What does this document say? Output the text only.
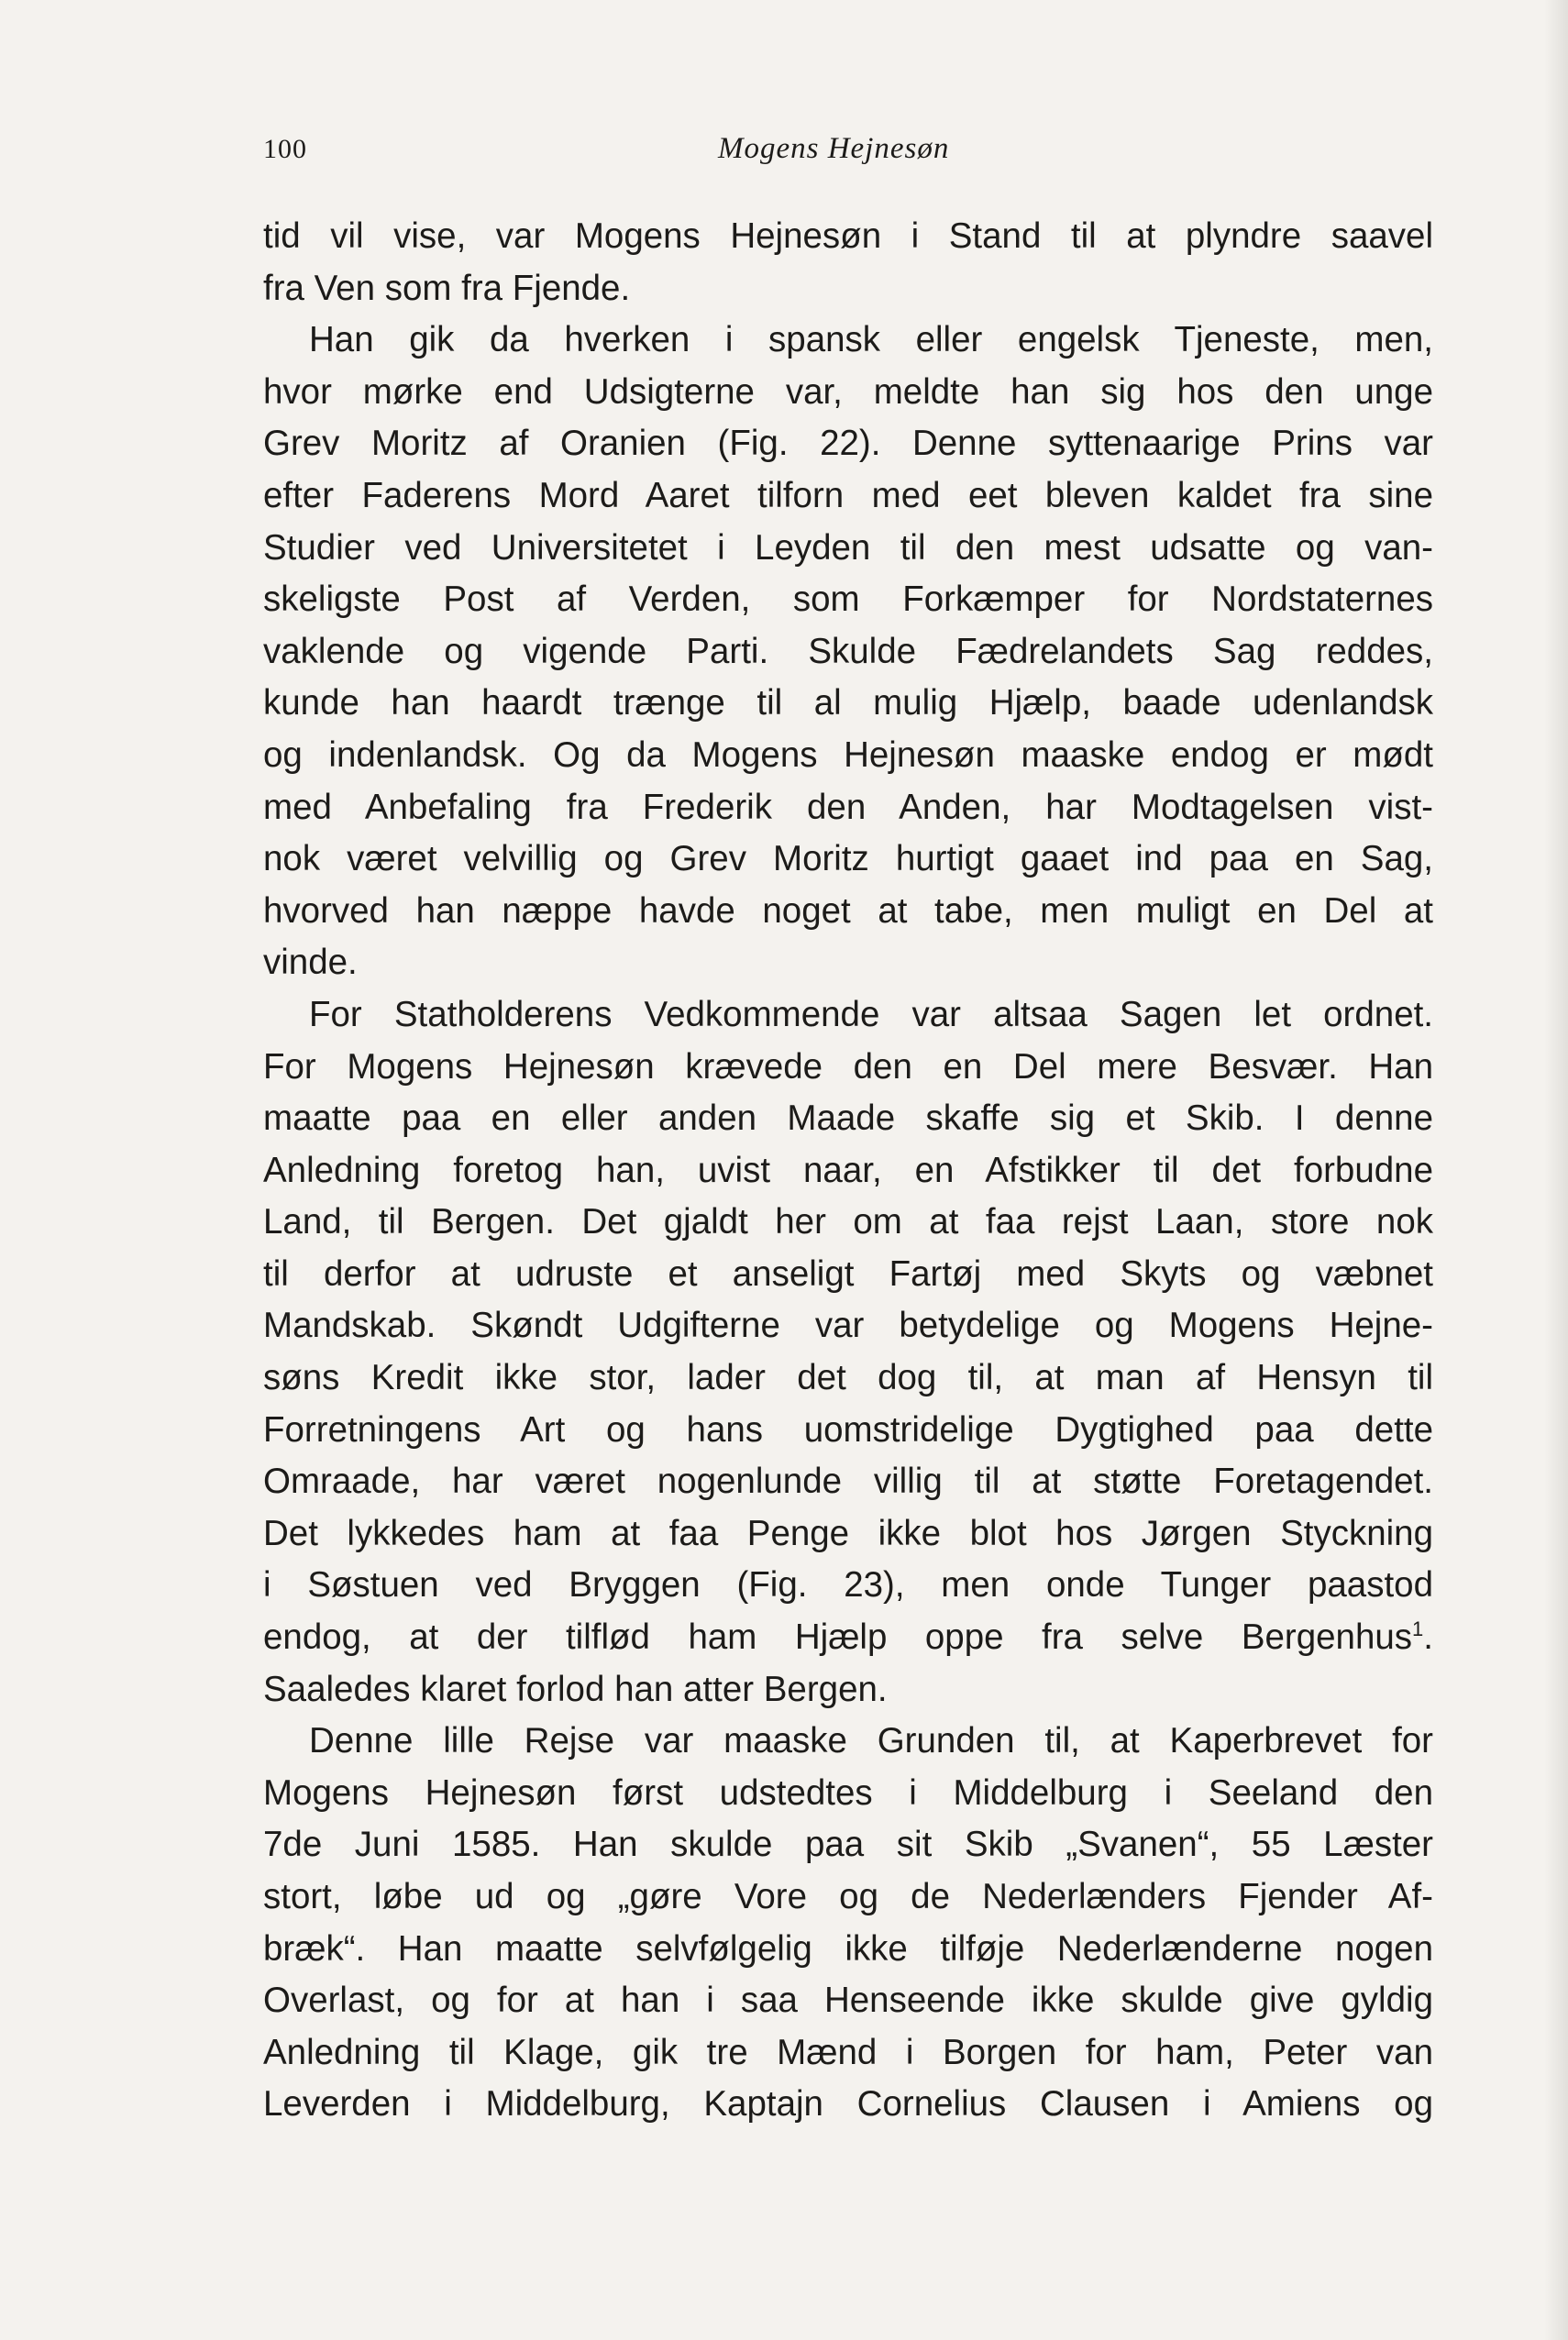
100	Mogens Hejnesøn
tid vil vise, var Mogens Hejnesøn i Stand til at plyndre saavel
fra Ven som fra Fjende.
Han gik da hverken i spansk eller engelsk Tjeneste, men,
hvor mørke end Udsigterne var, meldte han sig hos den unge
Grev Moritz af Oranien (Fig. 22). Denne syttenaarige Prins var
efter Faderens Mord Aaret tilforn med eet bleven kaldet fra sine
Studier ved Universitetet i Leyden til den mest udsatte og van-
skeligste Post af Verden, som Forkæmper for Nordstaternes
vaklende og vigende Parti. Skulde Fædrelandets Sag reddes,
kunde han haardt trænge til al mulig Hjælp, baade udenlandsk
og indenlandsk. Og da Mogens Hejnesøn maaske endog er mødt
med Anbefaling fra Frederik den Anden, har Modtagelsen vist-
nok været velvillig og Grev Moritz hurtigt gaaet ind paa en Sag,
hvorved han næppe havde noget at tabe, men muligt en Del at
vinde.
For Statholderens Vedkommende var altsaa Sagen let ordnet.
For Mogens Hejnesøn krævede den en Del mere Besvær. Han
maatte paa en eller anden Maade skaffe sig et Skib. I denne
Anledning foretog han, uvist naar, en Afstikker til det forbudne
Land, til Bergen. Det gjaldt her om at faa rejst Laan, store nok
til derfor at udruste et anseligt Fartøj med Skyts og væbnet
Mandskab. Skøndt Udgifterne var betydelige og Mogens Hejne-
søns Kredit ikke stor, lader det dog til, at man af Hensyn til
Forretningens Art og hans uomstridelige Dygtighed paa dette
Omraade, har været nogenlunde villig til at støtte Foretagendet.
Det lykkedes ham at faa Penge ikke blot hos Jørgen Styckning
i Søstuen ved Bryggen (Fig. 23), men onde Tunger paastod
endog, at der tilflød ham Hjælp oppe fra selve Bergenhus$^1$.
Saaledes klaret forlod han atter Bergen.
Denne lille Rejse var maaske Grunden til, at Kaperbrevet for
Mogens Hejnesøn først udstedtes i Middelburg i Seeland den
7de Juni 1585. Han skulde paa sit Skib „Svanen“, 55 Læster
stort, løbe ud og „gøre Vore og de Nederlænders Fjender Af-
bræk“. Han maatte selvfølgelig ikke tilføje Nederlænderne nogen
Overlast, og for at han i saa Henseende ikke skulde give gyldig
Anledning til Klage, gik tre Mænd i Borgen for ham, Peter van
Leverden i Middelburg, Kaptajn Cornelius Clausen i Amiens og
